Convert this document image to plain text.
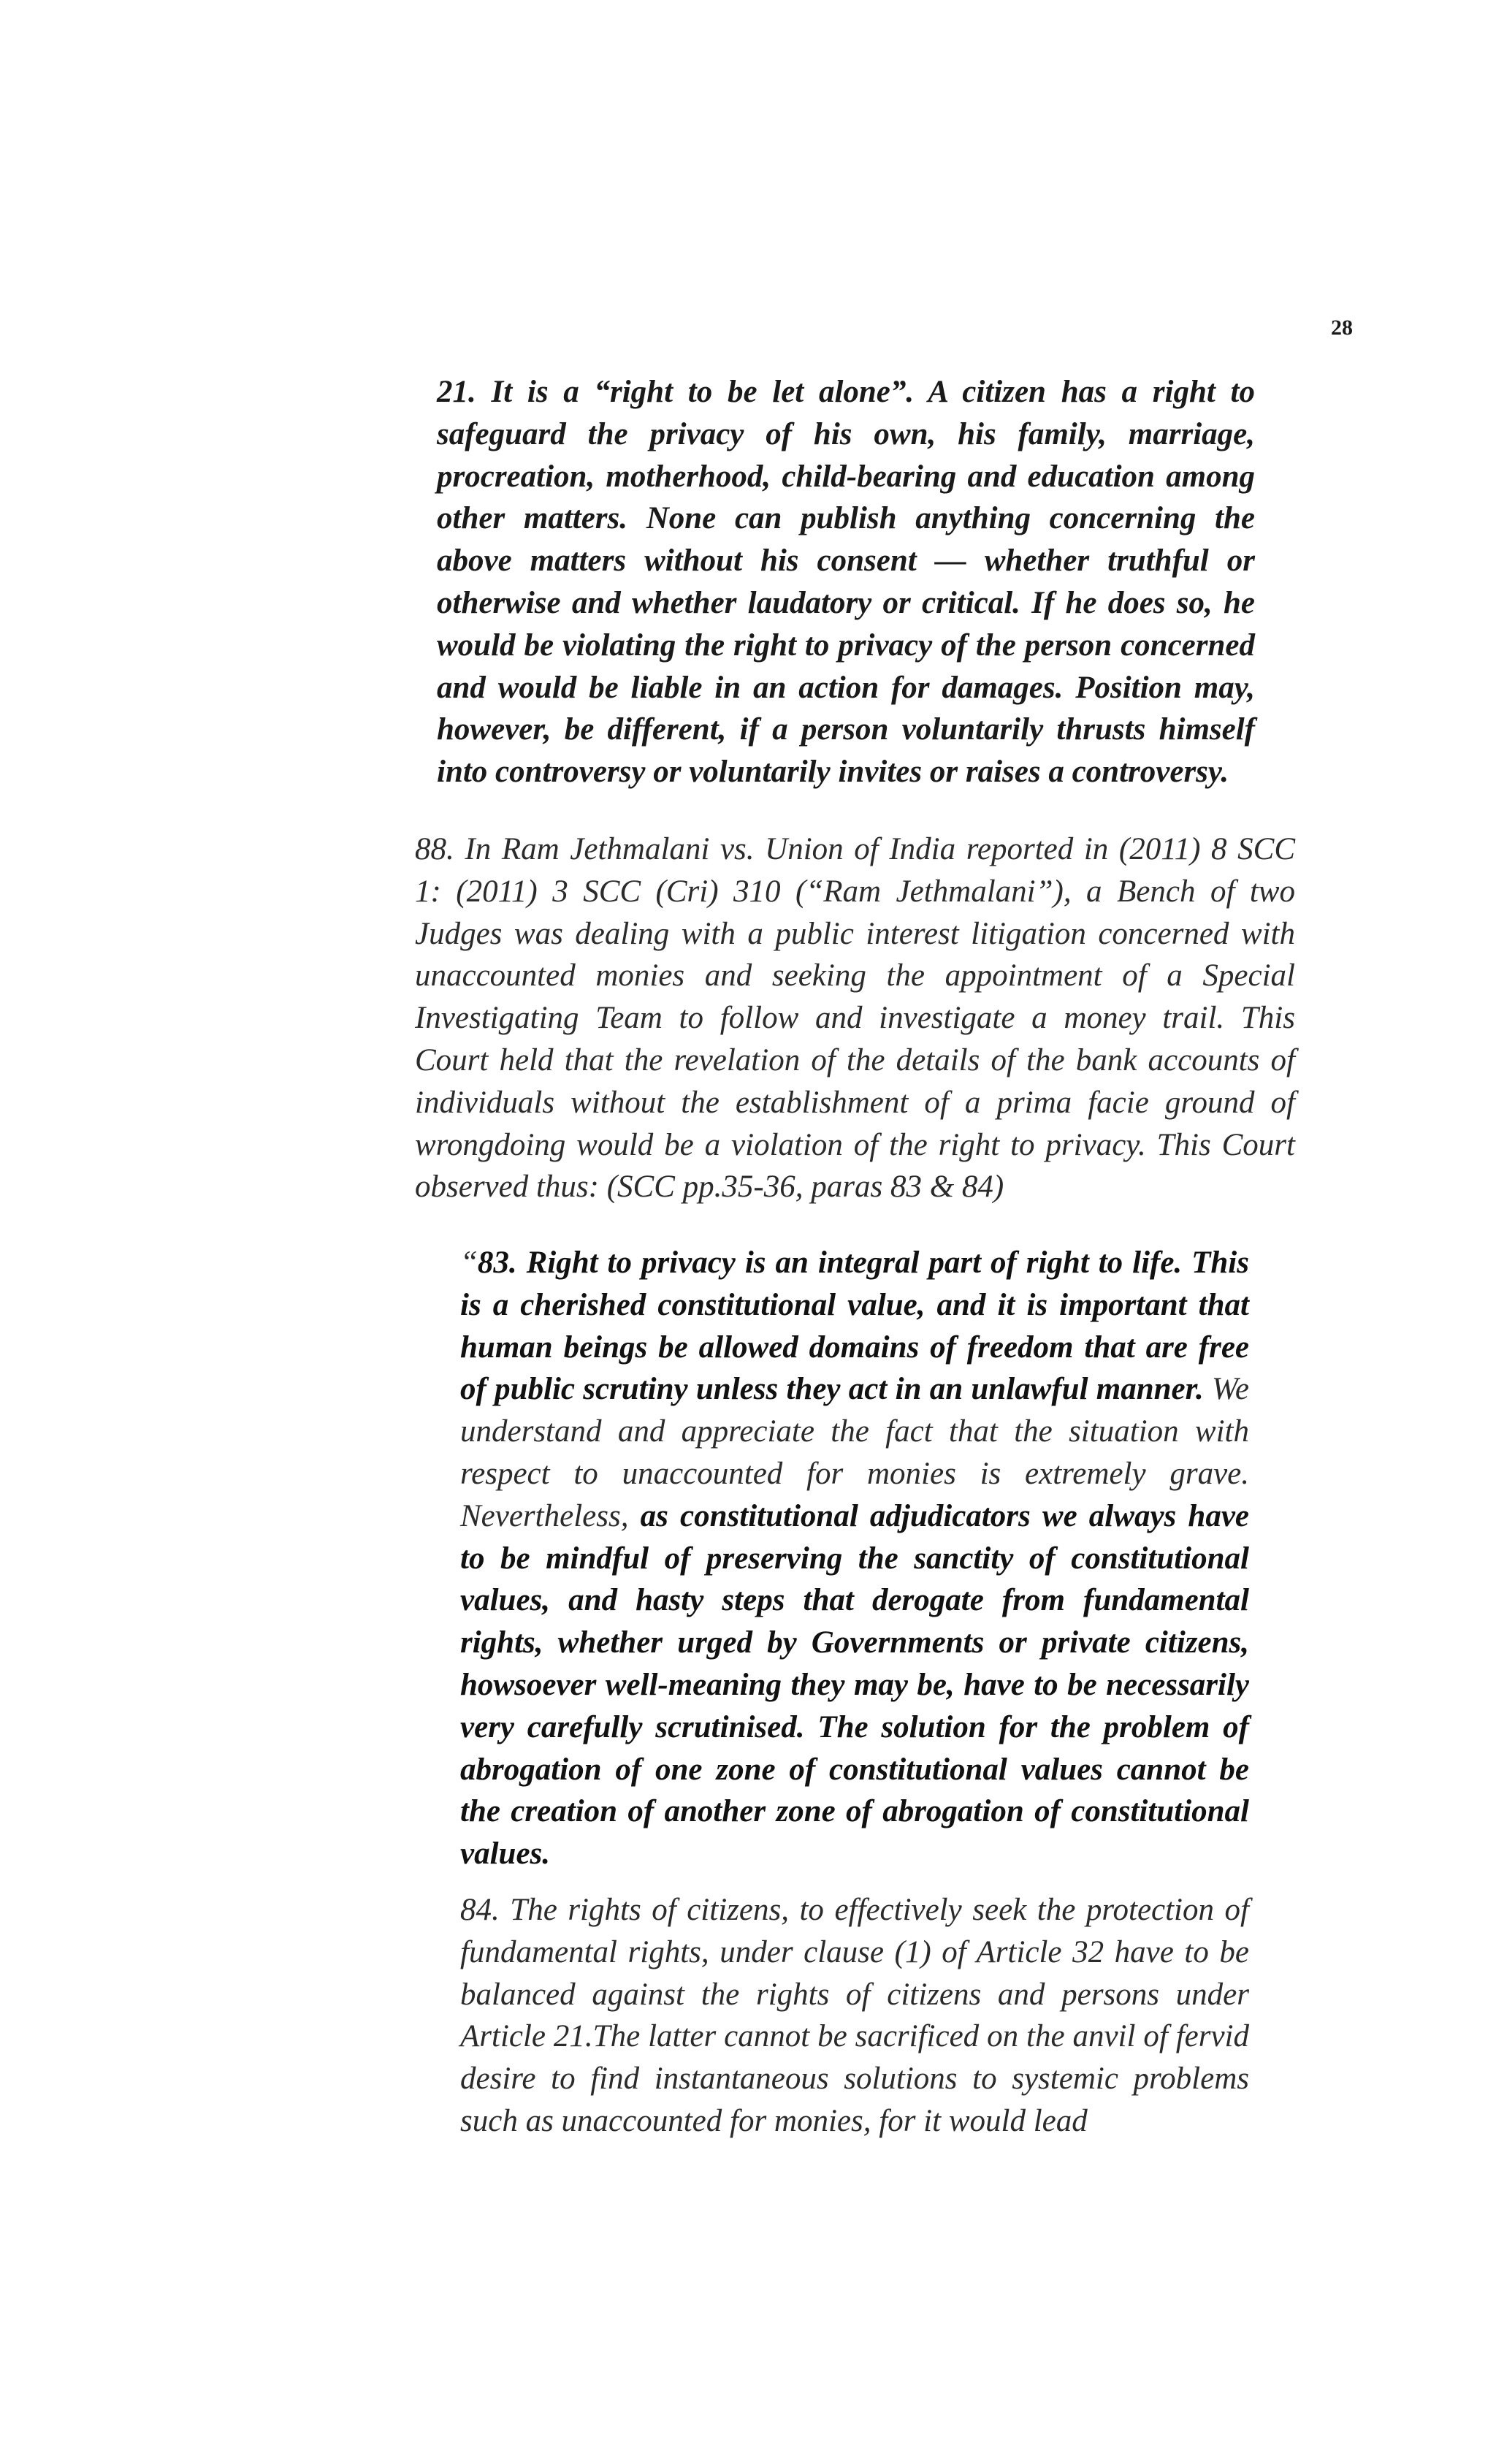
28

21. It is a “right to be let alone”. A citizen has a right to safeguard the privacy of his own, his family, marriage, procreation, motherhood, child-bearing and education among other matters. None can publish anything concerning the above matters without his consent — whether truthful or otherwise and whether laudatory or critical. If he does so, he would be violating the right to privacy of the person concerned and would be liable in an action for damages. Position may, however, be different, if a person voluntarily thrusts himself into controversy or voluntarily invites or raises a controversy.

88. In Ram Jethmalani vs. Union of India reported in (2011) 8 SCC 1: (2011) 3 SCC (Cri) 310 (“Ram Jethmalani”), a Bench of two Judges was dealing with a public interest litigation concerned with unaccounted monies and seeking the appointment of a Special Investigating Team to follow and investigate a money trail. This Court held that the revelation of the details of the bank accounts of individuals without the establishment of a prima facie ground of wrongdoing would be a violation of the right to privacy. This Court observed thus: (SCC pp.35-36, paras 83 & 84)

“83. Right to privacy is an integral part of right to life. This is a cherished constitutional value, and it is important that human beings be allowed domains of freedom that are free of public scrutiny unless they act in an unlawful manner. We understand and appreciate the fact that the situation with respect to unaccounted for monies is extremely grave. Nevertheless, as constitutional adjudicators we always have to be mindful of preserving the sanctity of constitutional values, and hasty steps that derogate from fundamental rights, whether urged by Governments or private citizens, howsoever well-meaning they may be, have to be necessarily very carefully scrutinised. The solution for the problem of abrogation of one zone of constitutional values cannot be the creation of another zone of abrogation of constitutional values.

84. The rights of citizens, to effectively seek the protection of fundamental rights, under clause (1) of Article 32 have to be balanced against the rights of citizens and persons under Article 21.The latter cannot be sacrificed on the anvil of fervid desire to find instantaneous solutions to systemic problems such as unaccounted for monies, for it would lead
